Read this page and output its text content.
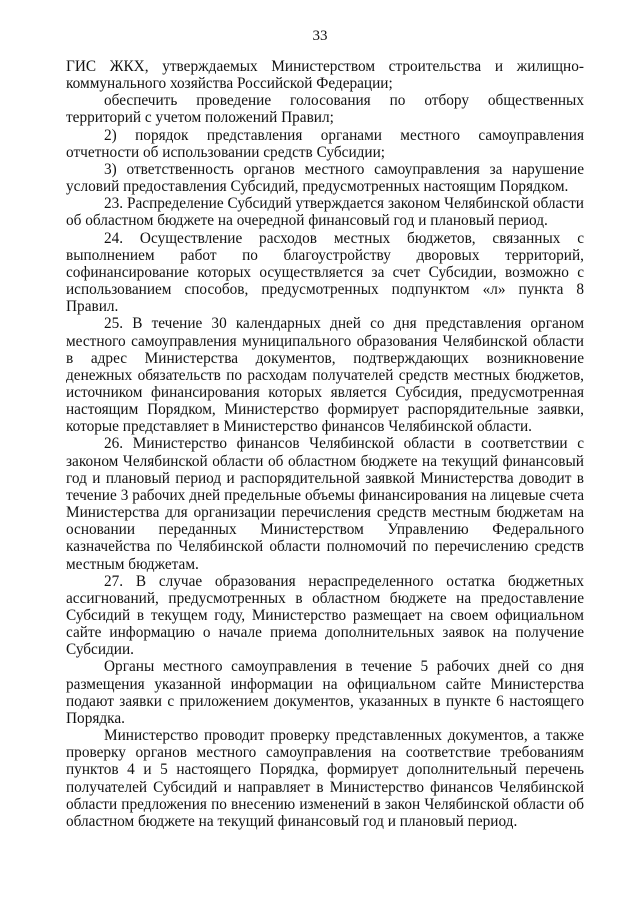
33

ГИС ЖКХ, утверждаемых Министерством строительства и жилищно-коммунального хозяйства Российской Федерации;

обеспечить проведение голосования по отбору общественных территорий с учетом положений Правил;

2) порядок представления органами местного самоуправления отчетности об использовании средств Субсидии;

3) ответственность органов местного самоуправления за нарушение условий предоставления Субсидий, предусмотренных настоящим Порядком.

23. Распределение Субсидий утверждается законом Челябинской области об областном бюджете на очередной финансовый год и плановый период.

24. Осуществление расходов местных бюджетов, связанных с выполнением работ по благоустройству дворовых территорий, софинансирование которых осуществляется за счет Субсидии, возможно с использованием способов, предусмотренных подпунктом «л» пункта 8 Правил.

25. В течение 30 календарных дней со дня представления органом местного самоуправления муниципального образования Челябинской области в адрес Министерства документов, подтверждающих возникновение денежных обязательств по расходам получателей средств местных бюджетов, источником финансирования которых является Субсидия, предусмотренная настоящим Порядком, Министерство формирует распорядительные заявки, которые представляет в Министерство финансов Челябинской области.

26. Министерство финансов Челябинской области в соответствии с законом Челябинской области об областном бюджете на текущий финансовый год и плановый период и распорядительной заявкой Министерства доводит в течение 3 рабочих дней предельные объемы финансирования на лицевые счета Министерства для организации перечисления средств местным бюджетам на основании переданных Министерством Управлению Федерального казначейства по Челябинской области полномочий по перечислению средств местным бюджетам.

27. В случае образования нераспределенного остатка бюджетных ассигнований, предусмотренных в областном бюджете на предоставление Субсидий в текущем году, Министерство размещает на своем официальном сайте информацию о начале приема дополнительных заявок на получение Субсидии.

Органы местного самоуправления в течение 5 рабочих дней со дня размещения указанной информации на официальном сайте Министерства подают заявки с приложением документов, указанных в пункте 6 настоящего Порядка.

Министерство проводит проверку представленных документов, а также проверку органов местного самоуправления на соответствие требованиям пунктов 4 и 5 настоящего Порядка, формирует дополнительный перечень получателей Субсидий и направляет в Министерство финансов Челябинской области предложения по внесению изменений в закон Челябинской области об областном бюджете на текущий финансовый год и плановый период.
